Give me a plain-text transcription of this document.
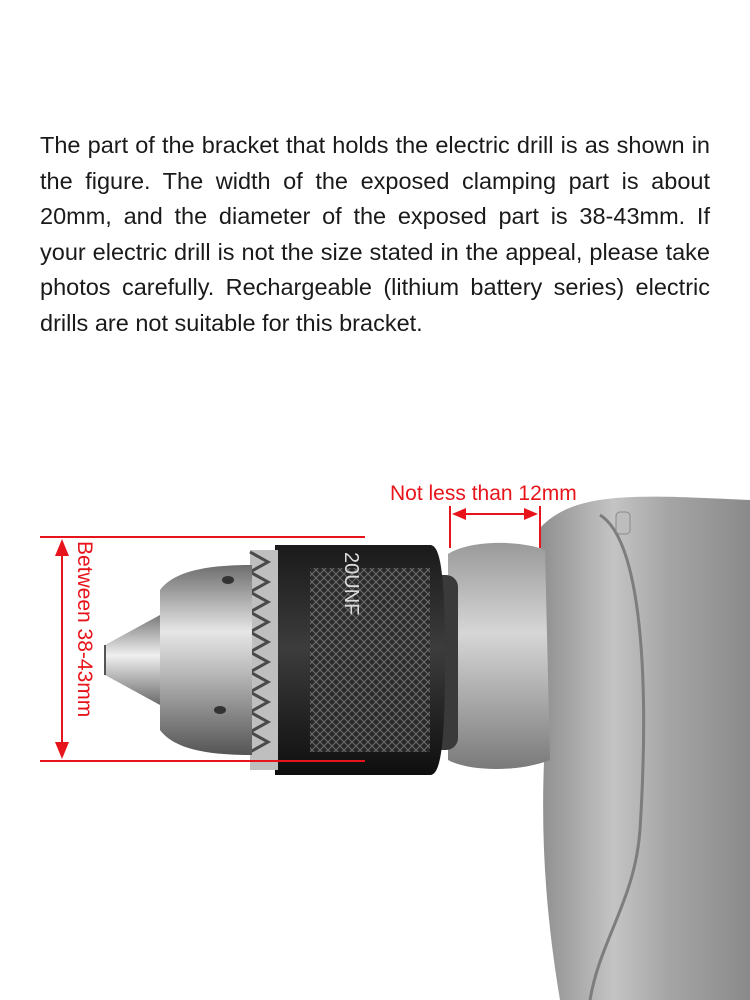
The part of the bracket that holds the electric drill is as shown in the figure. The width of the exposed clamping part is about 20mm, and the diameter of the exposed part is 38-43mm. If your electric drill is not the size stated in the appeal, please take photos carefully. Rechargeable (lithium battery series) electric drills are not suitable for this bracket.

20UNF
Not less than 12mm
Between 38-43mm
